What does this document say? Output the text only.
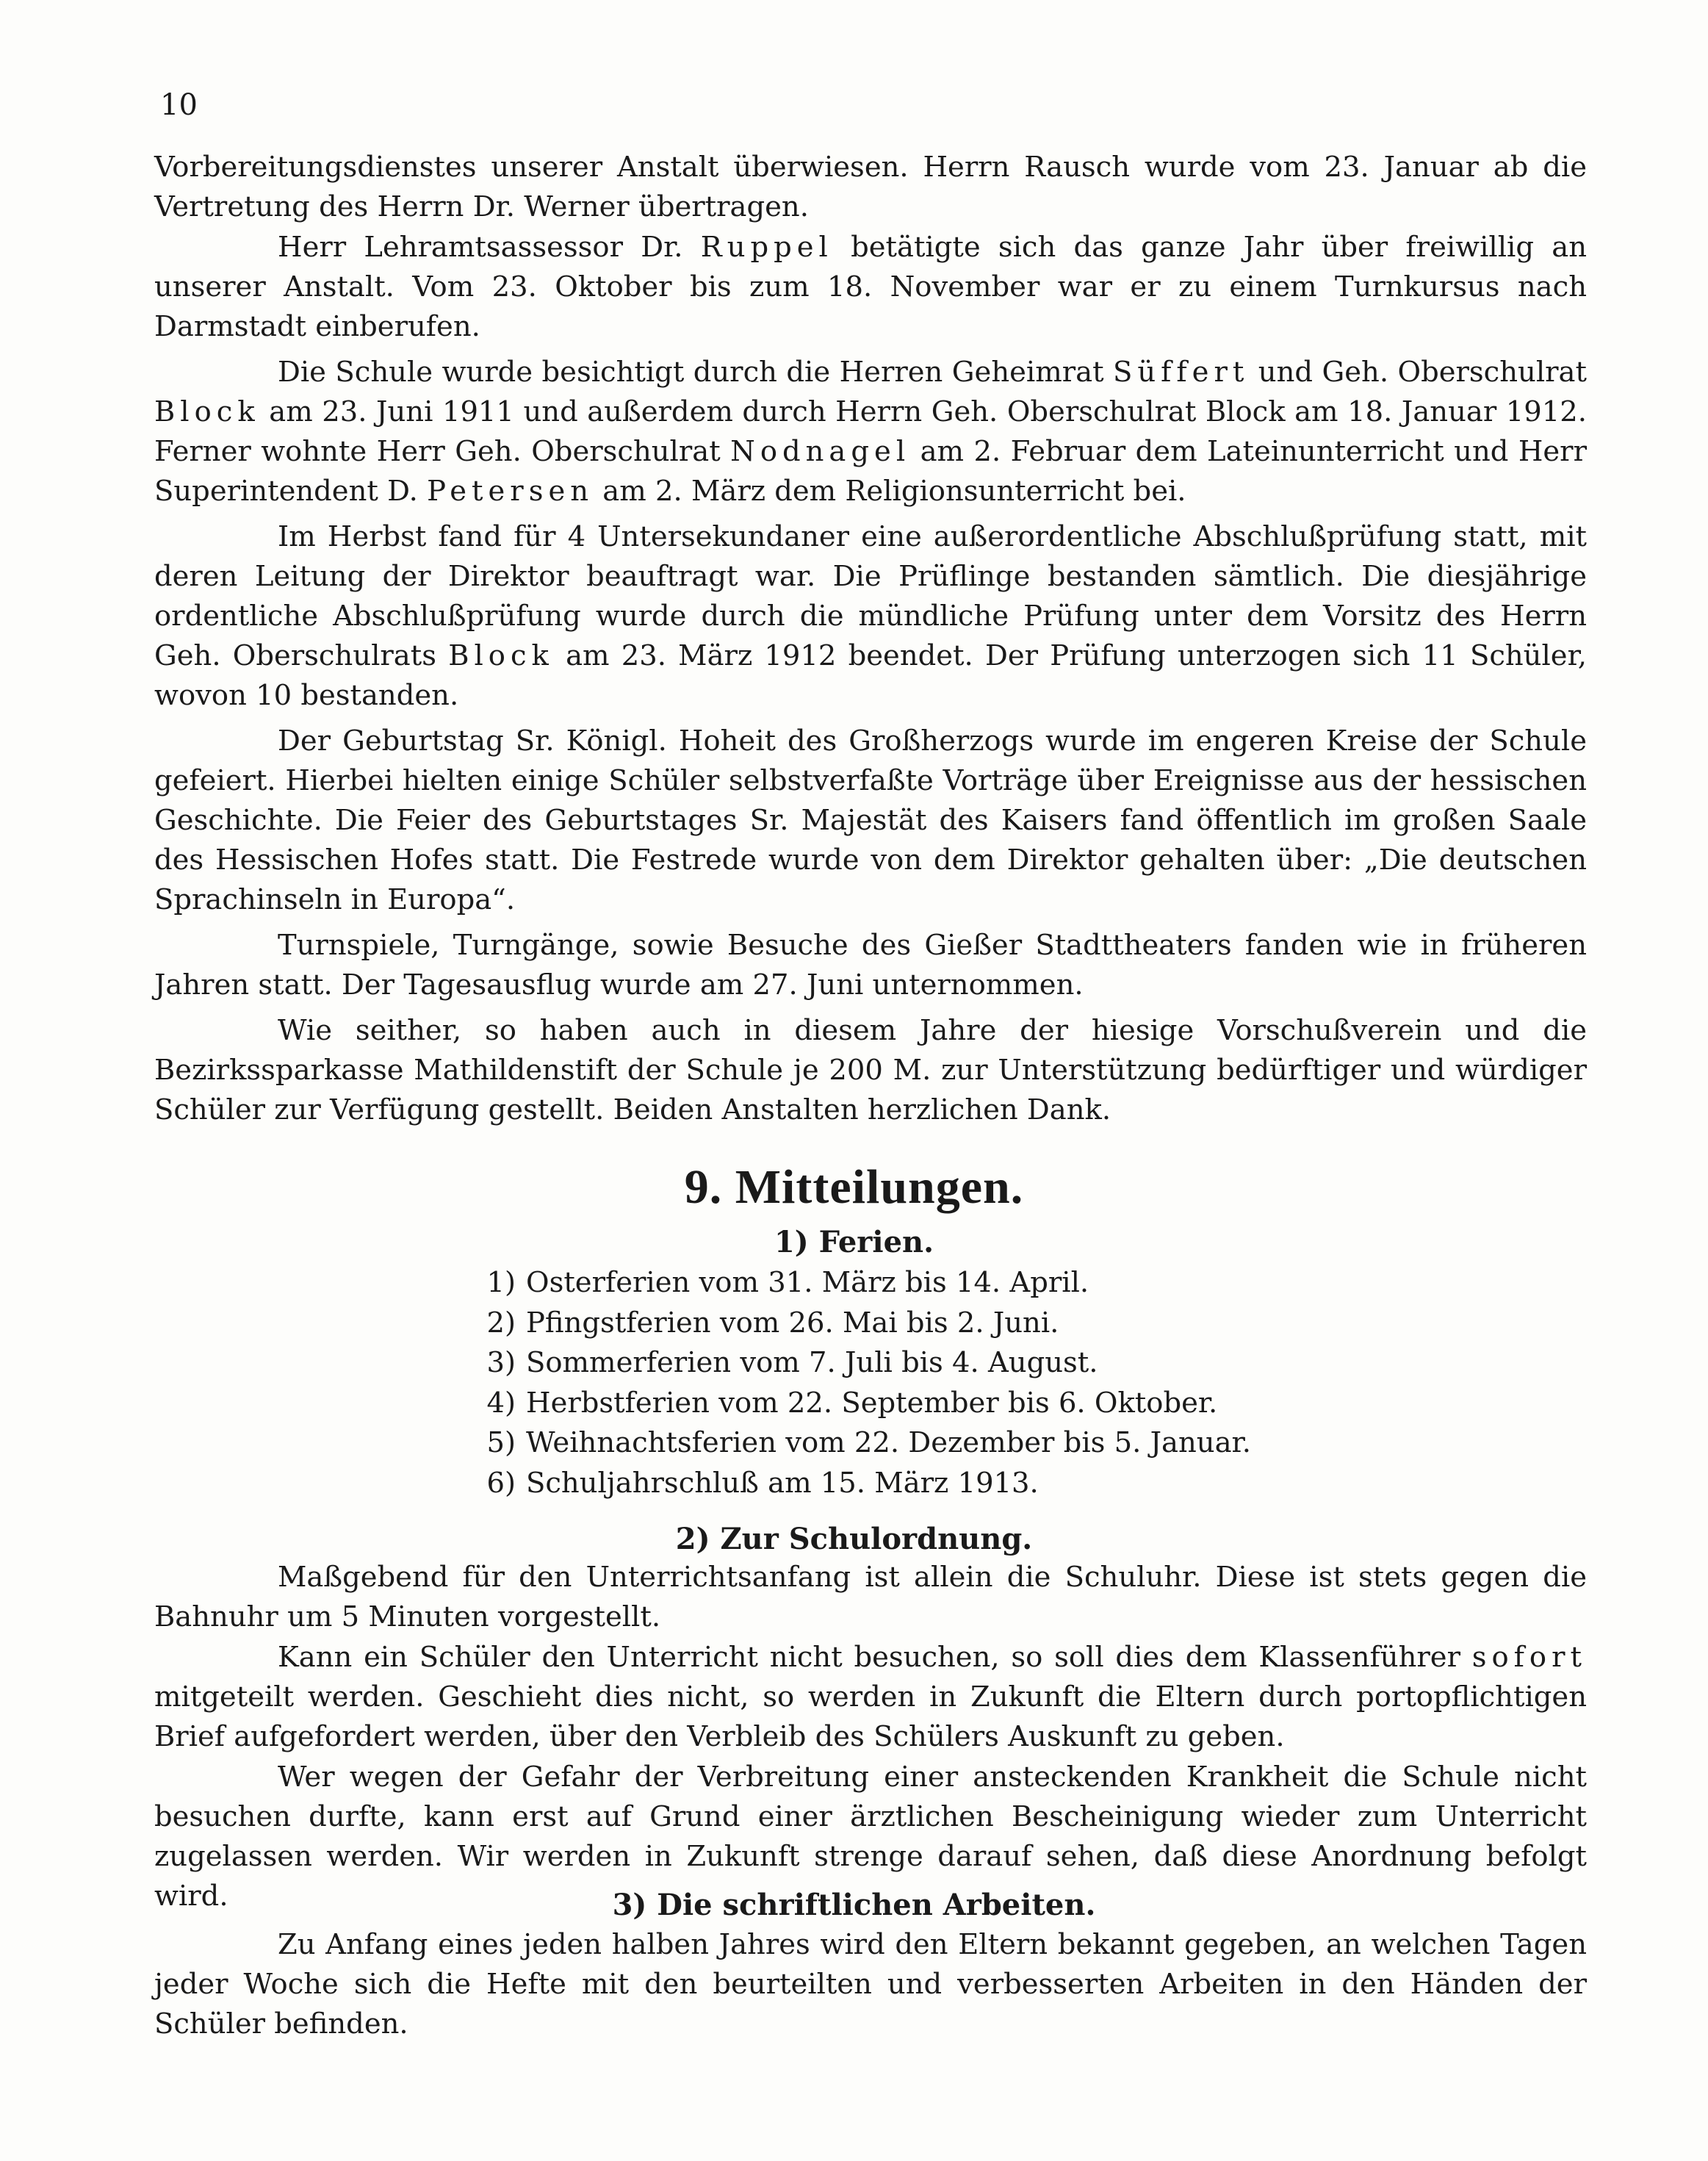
10

Vorbereitungsdienstes unserer Anstalt überwiesen. Herrn Rausch wurde vom 23. Januar ab die Vertretung des Herrn Dr. Werner übertragen.

Herr Lehramtsassessor Dr. Ruppel betätigte sich das ganze Jahr über freiwillig an unserer Anstalt. Vom 23. Oktober bis zum 18. November war er zu einem Turnkursus nach Darmstadt einberufen.

Die Schule wurde besichtigt durch die Herren Geheimrat Süffert und Geh. Oberschulrat Block am 23. Juni 1911 und außerdem durch Herrn Geh. Oberschulrat Block am 18. Januar 1912. Ferner wohnte Herr Geh. Oberschulrat Nodnagel am 2. Februar dem Lateinunterricht und Herr Superintendent D. Petersen am 2. März dem Religionsunterricht bei.

Im Herbst fand für 4 Untersekundaner eine außerordentliche Abschlußprüfung statt, mit deren Leitung der Direktor beauftragt war. Die Prüflinge bestanden sämtlich. Die diesjährige ordentliche Abschlußprüfung wurde durch die mündliche Prüfung unter dem Vorsitz des Herrn Geh. Oberschulrats Block am 23. März 1912 beendet. Der Prüfung unterzogen sich 11 Schüler, wovon 10 bestanden.

Der Geburtstag Sr. Königl. Hoheit des Großherzogs wurde im engeren Kreise der Schule gefeiert. Hierbei hielten einige Schüler selbstverfaßte Vorträge über Ereignisse aus der hessischen Geschichte. Die Feier des Geburtstages Sr. Majestät des Kaisers fand öffentlich im großen Saale des Hessischen Hofes statt. Die Festrede wurde von dem Direktor gehalten über: „Die deutschen Sprachinseln in Europa“.

Turnspiele, Turngänge, sowie Besuche des Gießer Stadttheaters fanden wie in früheren Jahren statt. Der Tagesausflug wurde am 27. Juni unternommen.

Wie seither, so haben auch in diesem Jahre der hiesige Vorschußverein und die Bezirkssparkasse Mathildenstift der Schule je 200 M. zur Unterstützung bedürftiger und würdiger Schüler zur Verfügung gestellt. Beiden Anstalten herzlichen Dank.

9. Mitteilungen.
1) Ferien.
1) Osterferien vom 31. März bis 14. April.
2) Pfingstferien vom 26. Mai bis 2. Juni.
3) Sommerferien vom 7. Juli bis 4. August.
4) Herbstferien vom 22. September bis 6. Oktober.
5) Weihnachtsferien vom 22. Dezember bis 5. Januar.
6) Schuljahrschluß am 15. März 1913.
2) Zur Schulordnung.

Maßgebend für den Unterrichtsanfang ist allein die Schuluhr. Diese ist stets gegen die Bahnuhr um 5 Minuten vorgestellt.

Kann ein Schüler den Unterricht nicht besuchen, so soll dies dem Klassenführer sofort mitgeteilt werden. Geschieht dies nicht, so werden in Zukunft die Eltern durch portopflichtigen Brief aufgefordert werden, über den Verbleib des Schülers Auskunft zu geben.

Wer wegen der Gefahr der Verbreitung einer ansteckenden Krankheit die Schule nicht besuchen durfte, kann erst auf Grund einer ärztlichen Bescheinigung wieder zum Unterricht zugelassen werden. Wir werden in Zukunft strenge darauf sehen, daß diese Anordnung befolgt wird.	3) Die schriftlichen Arbeiten.

Zu Anfang eines jeden halben Jahres wird den Eltern bekannt gegeben, an welchen Tagen jeder Woche sich die Hefte mit den beurteilten und verbesserten Arbeiten in den Händen der Schüler befinden.
